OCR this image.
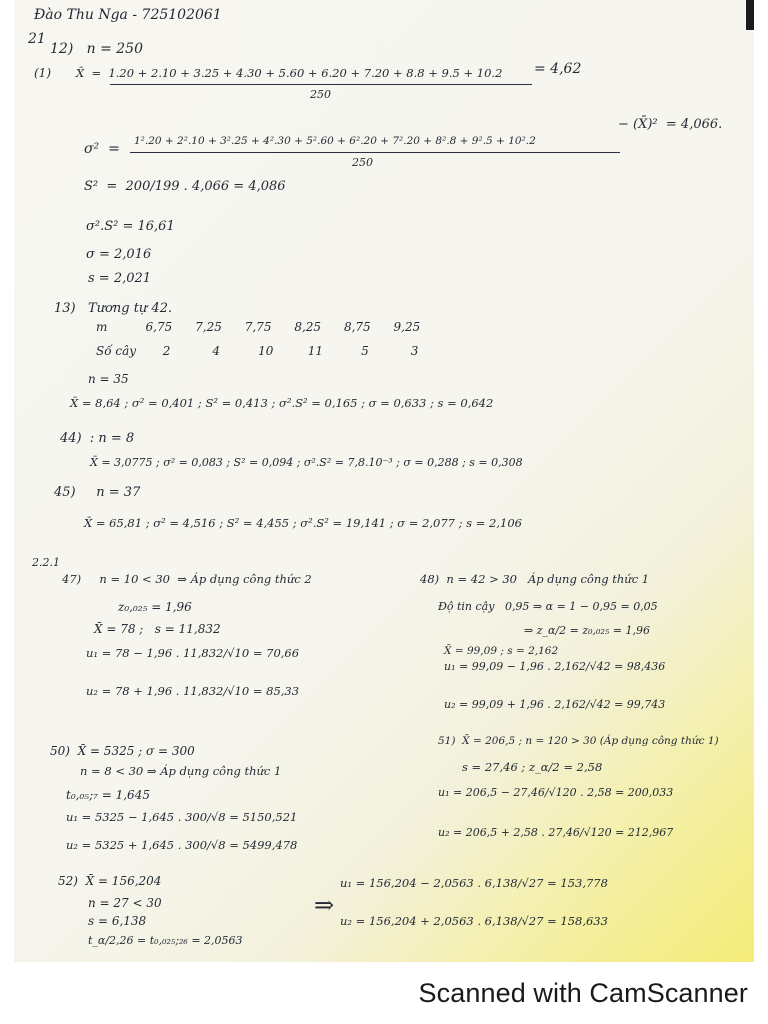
Đào Thu Nga - 725102061
21
12)   n = 250
(1) X̄  =  1.20 + 2.10 + 3.25 + 4.30 + 5.60 + 6.20 + 7.20 + 8.8 + 9.5 + 10.2 = 4,62
250
σ²  = 1².20 + 2².10 + 3².25 + 4².30 + 5².60 + 6².20 + 7².20 + 8².8 + 9².5 + 10².2
− (X̄)²  = 4,066.
250
S²  =  200/199 . 4,066 = 4,086
σ².S² = 16,61
σ = 2,016
s = 2,021
13)   Tương tự 42.
m          6,75      7,25      7,75      8,25      8,75      9,25
Số cây       2           4          10         11          5           3
n = 35
X̄ = 8,64 ; σ² = 0,401 ; S² = 0,413 ; σ².S² = 0,165 ; σ = 0,633 ; s = 0,642
44)  : n = 8
X̄ = 3,0775 ; σ² = 0,083 ; S² = 0,094 ; σ².S² = 7,8.10⁻³ ; σ = 0,288 ; s = 0,308
45)     n = 37
X̄ = 65,81 ; σ² = 4,516 ; S² = 4,455 ; σ².S² = 19,141 ; σ = 2,077 ; s = 2,106
2.2.1
47)     n = 10 < 30  ⇒ Áp dụng công thức 2
z₀,₀₂₅ = 1,96
X̄ = 78 ;   s = 11,832
u₁ = 78 − 1,96 . 11,832/√10 = 70,66
u₂ = 78 + 1,96 . 11,832/√10 = 85,33
48)  n = 42 > 30   Áp dụng công thức 1
Độ tin cậy   0,95 ⇒ α = 1 − 0,95 = 0,05
⇒ z_α/2 = z₀,₀₂₅ = 1,96
X̄ = 99,09 ; s = 2,162
u₁ = 99,09 − 1,96 . 2,162/√42 = 98,436
u₂ = 99,09 + 1,96 . 2,162/√42 = 99,743
50)  X̄ = 5325 ; σ = 300
n = 8 < 30 ⇒ Áp dụng công thức 1
t₀,₀₅;₇ = 1,645
u₁ = 5325 − 1,645 . 300/√8 = 5150,521
u₂ = 5325 + 1,645 . 300/√8 = 5499,478
51)  X̄ = 206,5 ; n = 120 > 30 (Áp dụng công thức 1)
s = 27,46 ; z_α/2 = 2,58
u₁ = 206,5 − 27,46/√120 . 2,58 = 200,033
u₂ = 206,5 + 2,58 . 27,46/√120 = 212,967
52)  X̄ = 156,204
n = 27 < 30
s = 6,138
t_α/2,26 = t₀,₀₂₅;₂₆ = 2,0563
⇒
u₁ = 156,204 − 2,0563 . 6,138/√27 = 153,778
u₂ = 156,204 + 2,0563 . 6,138/√27 = 158,633
Scanned with CamScanner
